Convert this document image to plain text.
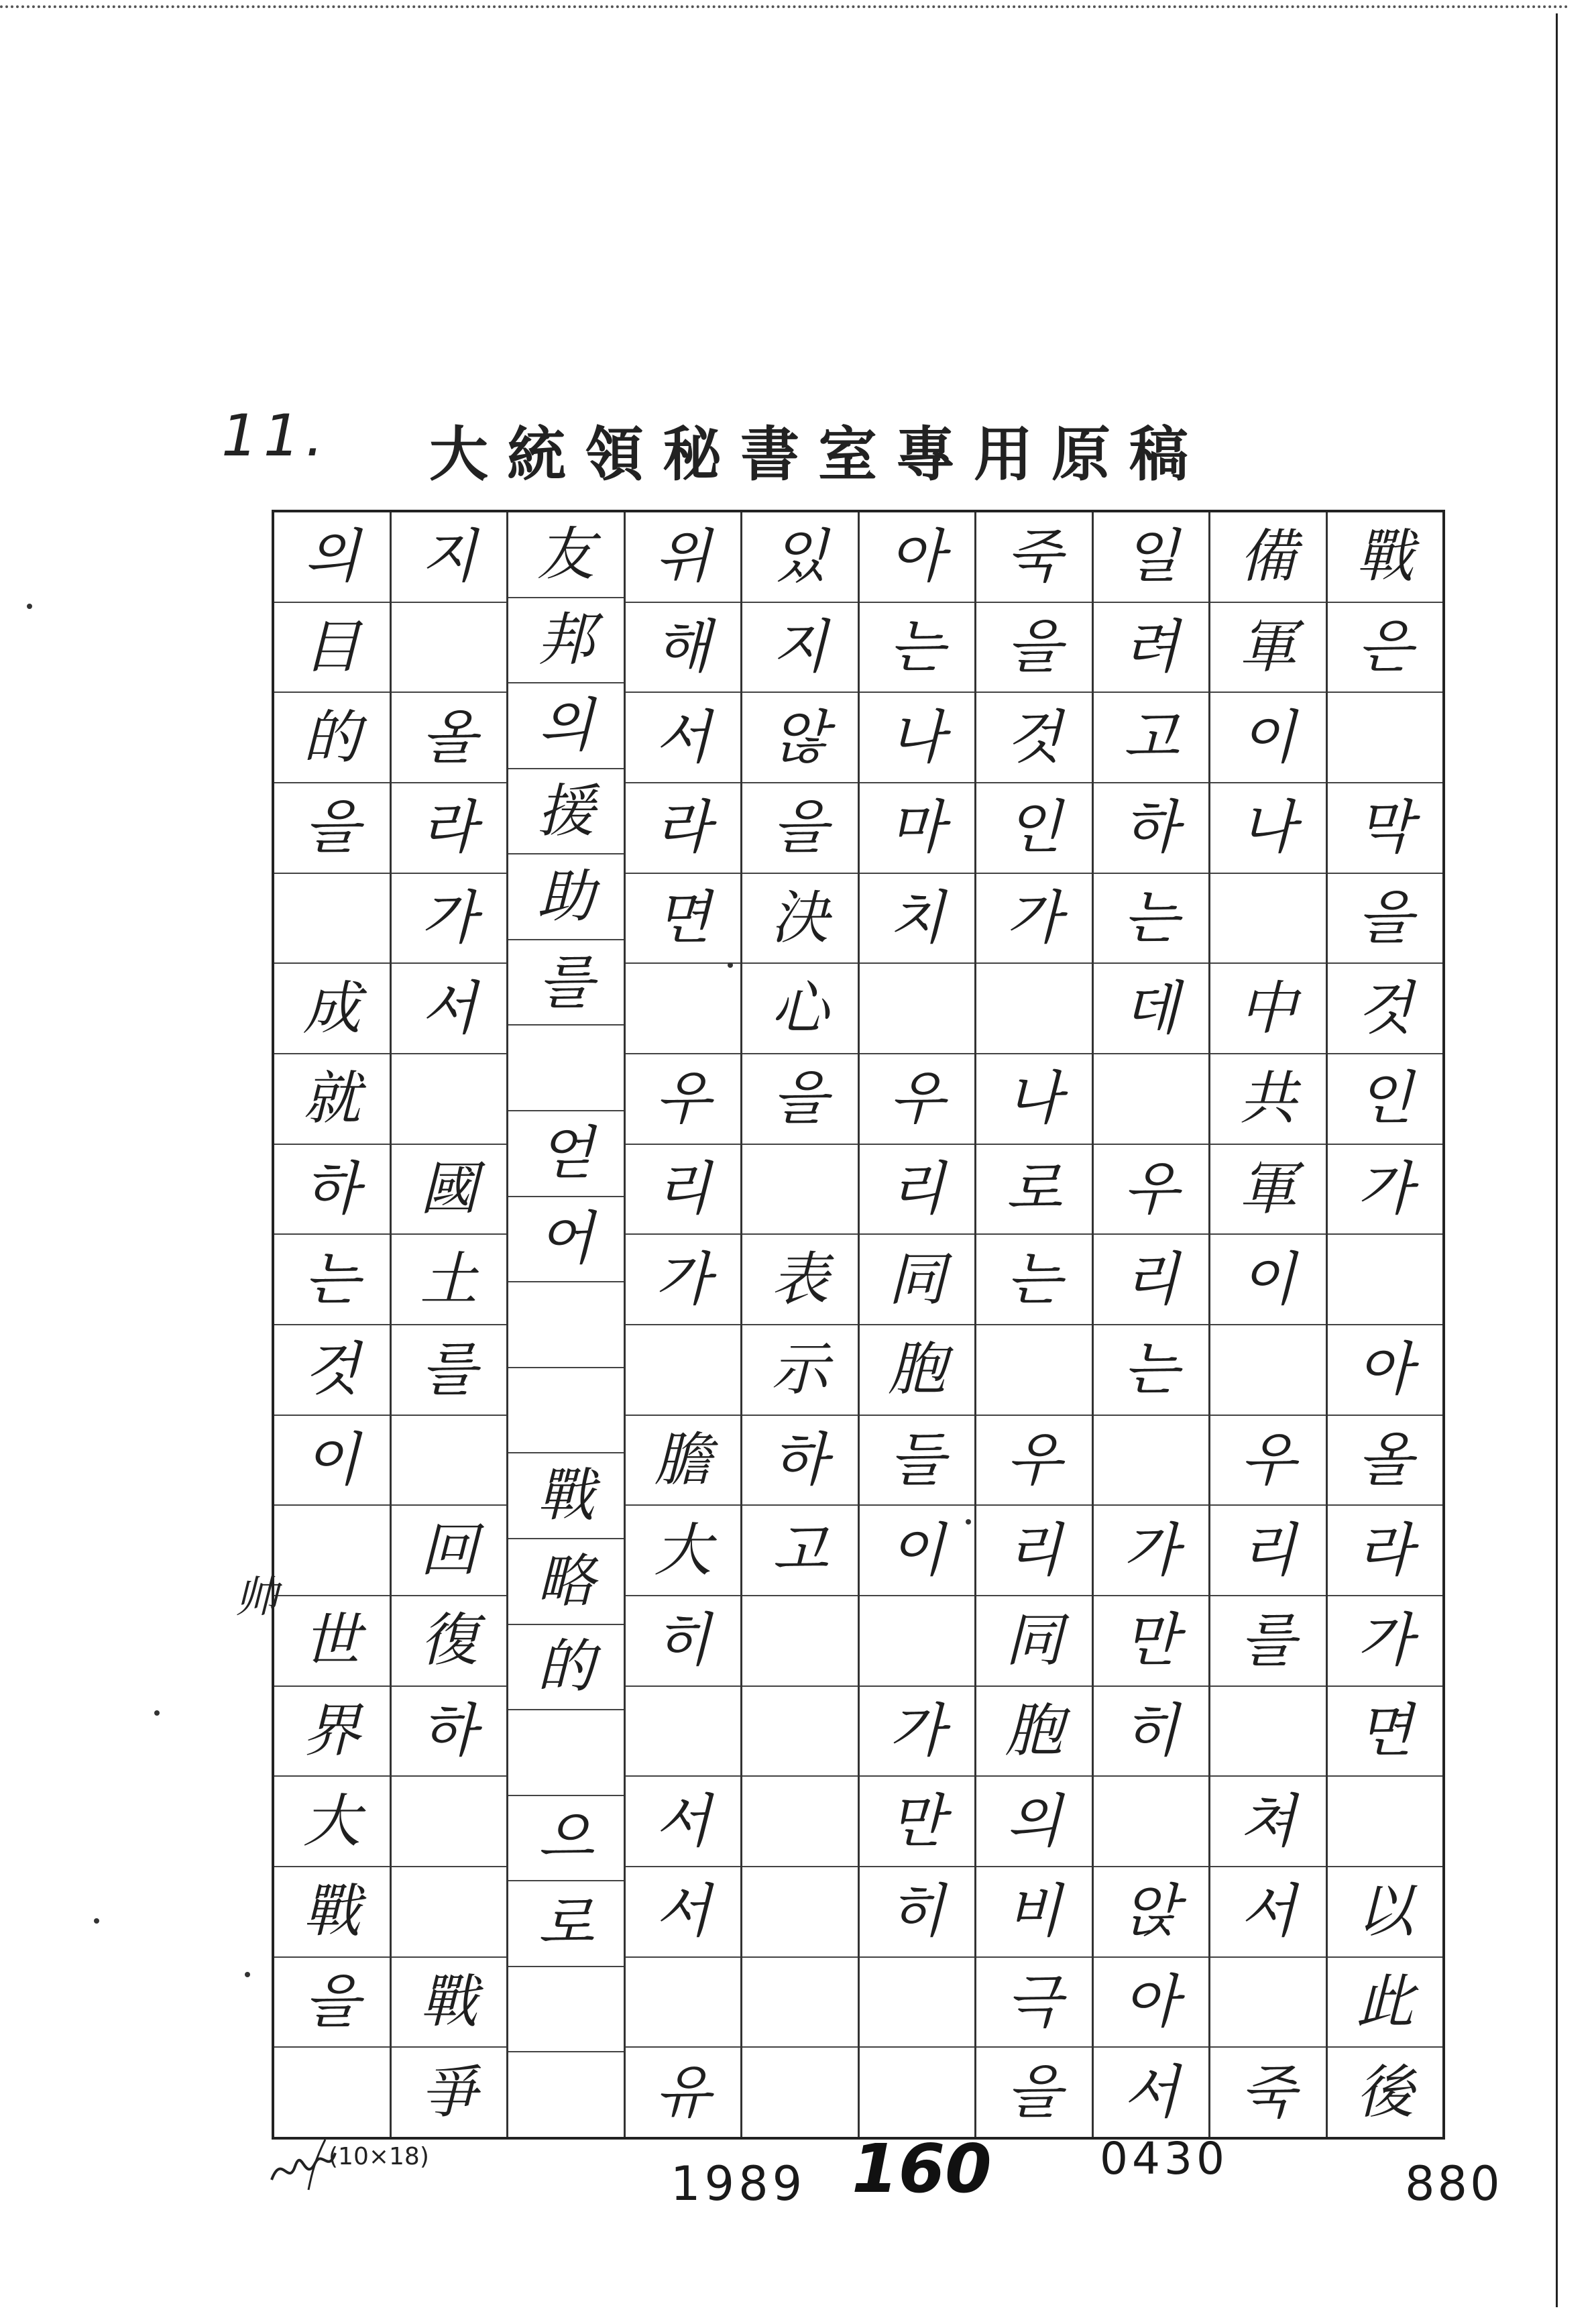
11. 大統領秘書室專用原稿
戰
은
막
을
것
인
가
아
올
라
가
면
以
此
後
備
軍
이
나
中
共
軍
이
우
리
를
쳐
서
죽
일
려
고
하
는
데
우
리
는
가
만
히
앉
아
서
죽
을
것
인
가
나
로
는
우
리
同
胞
의
비
극
을
아
는
나
마
치
우
리
同
胞
들
이
가
만
히
있
지
않
을
決
心
을
表
示
하
고
위
해
서
라
면
우
리
가
膽
大
히
서
서
유
友
邦
의
援
助
를
얻
어
戰
略
的
으
로
지
올
라
가
서
國
土
를
回
復
하
戰
爭
의
目
的
을
成
就
하
는
것
이
世
界
大
戰
을
帅
(10×18)	1989 160 0430	880
